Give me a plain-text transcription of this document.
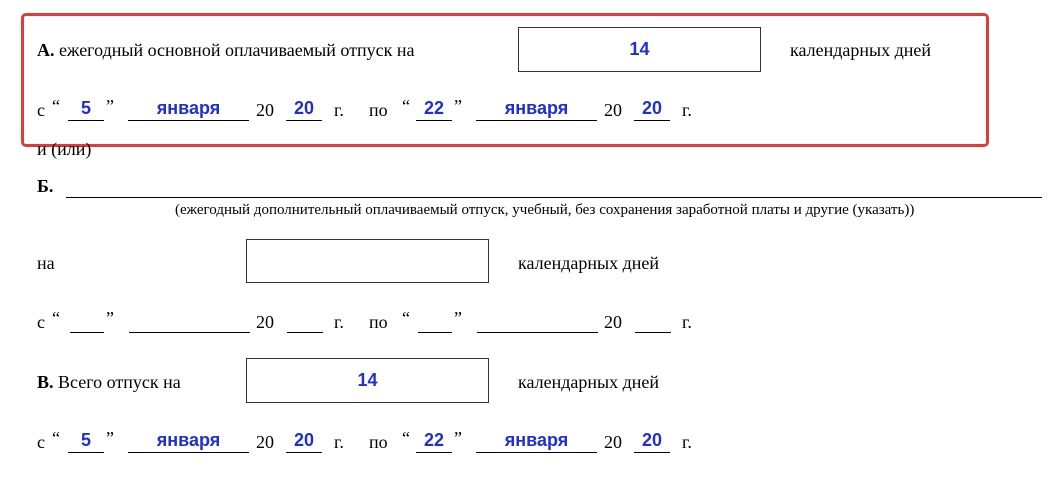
А. ежегодный основной оплачиваемый отпуск на	14	календарных дней
с “ 5 ” января 20 20 г. по “ 22 ” января 20 20 г.
и (или)
Б.
(ежегодный дополнительный оплачиваемый отпуск, учебный, без сохранения заработной платы и другие (указать))
на	календарных дней
с “	”	20	г. по “ ”	20	г.
В. Всего отпуск на	14	календарных дней
с “ 5 ” января 20 20 г. по “ 22 ” января 20 20 г.
